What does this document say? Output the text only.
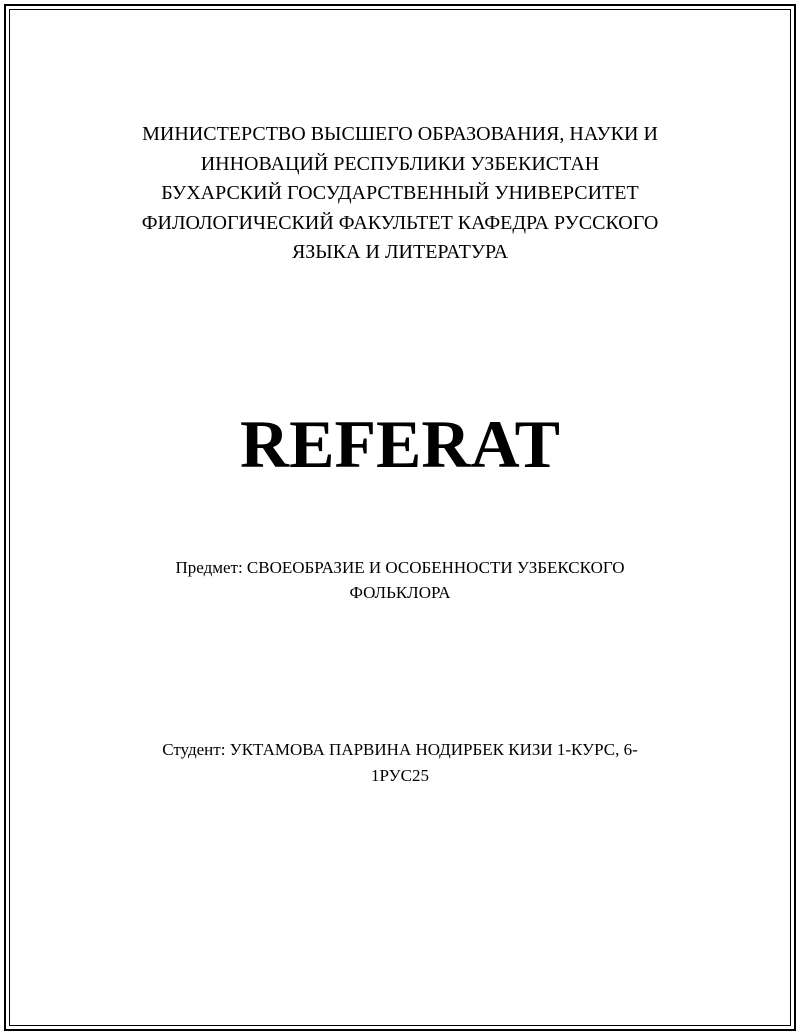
МИНИСТЕРСТВО ВЫСШЕГО ОБРАЗОВАНИЯ, НАУКИ И
ИННОВАЦИЙ РЕСПУБЛИКИ УЗБЕКИСТАН
БУХАРСКИЙ ГОСУДАРСТВЕННЫЙ УНИВЕРСИТЕТ
ФИЛОЛОГИЧЕСКИЙ ФАКУЛЬТЕТ КАФЕДРА РУССКОГО
ЯЗЫКА И ЛИТЕРАТУРА
REFERAT
Предмет: СВОЕОБРАЗИЕ И ОСОБЕННОСТИ УЗБЕКСКОГО
ФОЛЬКЛОРА
Студент: УКТАМОВА ПАРВИНА НОДИРБЕК КИЗИ 1-КУРС, 6-
1РУС25
